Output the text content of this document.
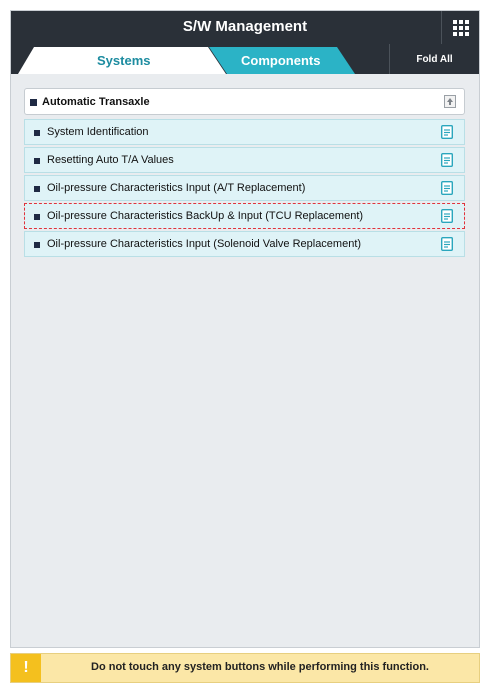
S/W Management
Components
Systems	Fold All
Automatic Transaxle
System Identification
Resetting Auto T/A Values
Oil-pressure Characteristics Input (A/T Replacement)
Oil-pressure Characteristics BackUp & Input (TCU Replacement)
Oil-pressure Characteristics Input (Solenoid Valve Replacement)
!	Do not touch any system buttons while performing this function.
